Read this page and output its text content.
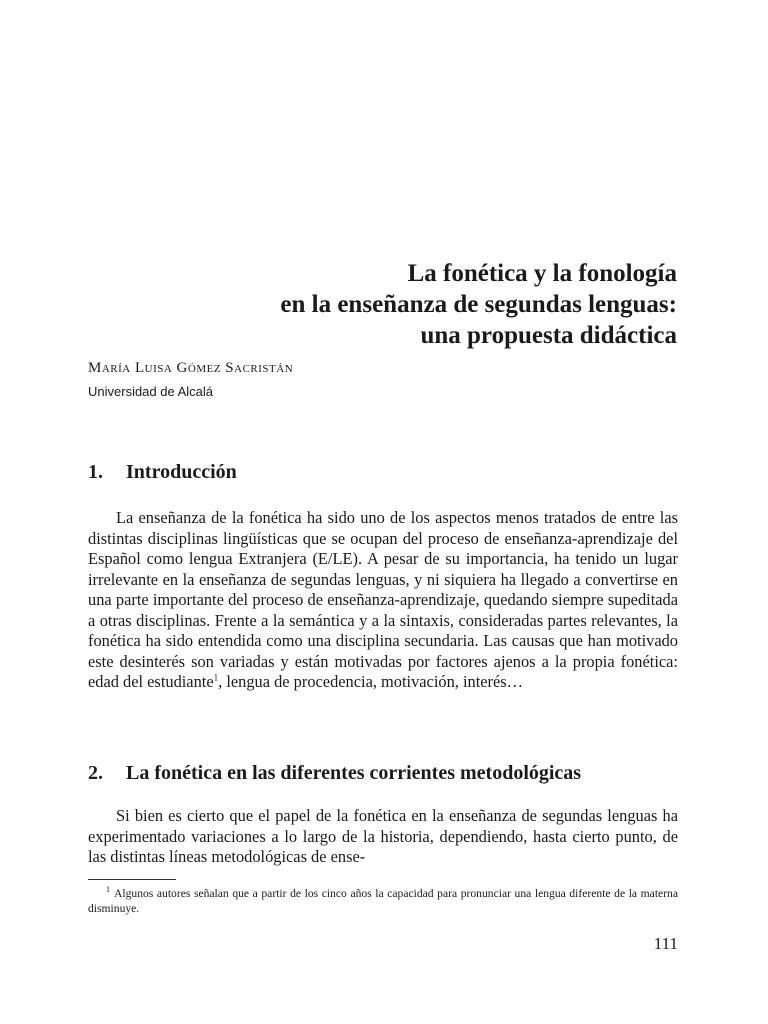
La fonética y la fonología
en la enseñanza de segundas lenguas:
una propuesta didáctica
María Luisa Gómez Sacristán
Universidad de Alcalá
1. Introducción

La enseñanza de la fonética ha sido uno de los aspectos menos tratados de entre las distintas disciplinas lingüísticas que se ocupan del proceso de enseñanza-aprendizaje del Español como lengua Extranjera (E/LE). A pesar de su importancia, ha tenido un lugar irrelevante en la enseñanza de segundas lenguas, y ni siquiera ha llegado a convertirse en una parte importante del proceso de enseñanza-aprendizaje, quedando siempre supeditada a otras disciplinas. Frente a la semántica y a la sintaxis, consideradas partes relevantes, la fonética ha sido entendida como una disciplina secundaria. Las causas que han motivado este desinterés son variadas y están motivadas por factores ajenos a la propia fonética: edad del estudiante$^1$, lengua de procedencia, motivación, interés…

2. La fonética en las diferentes corrientes metodológicas

Si bien es cierto que el papel de la fonética en la enseñanza de segundas lenguas ha experimentado variaciones a lo largo de la historia, dependiendo, hasta cierto punto, de las distintas líneas metodológicas de ense-

$^1$ Algunos autores señalan que a partir de los cinco años la capacidad para pronunciar una lengua diferente de la materna disminuye.

111
